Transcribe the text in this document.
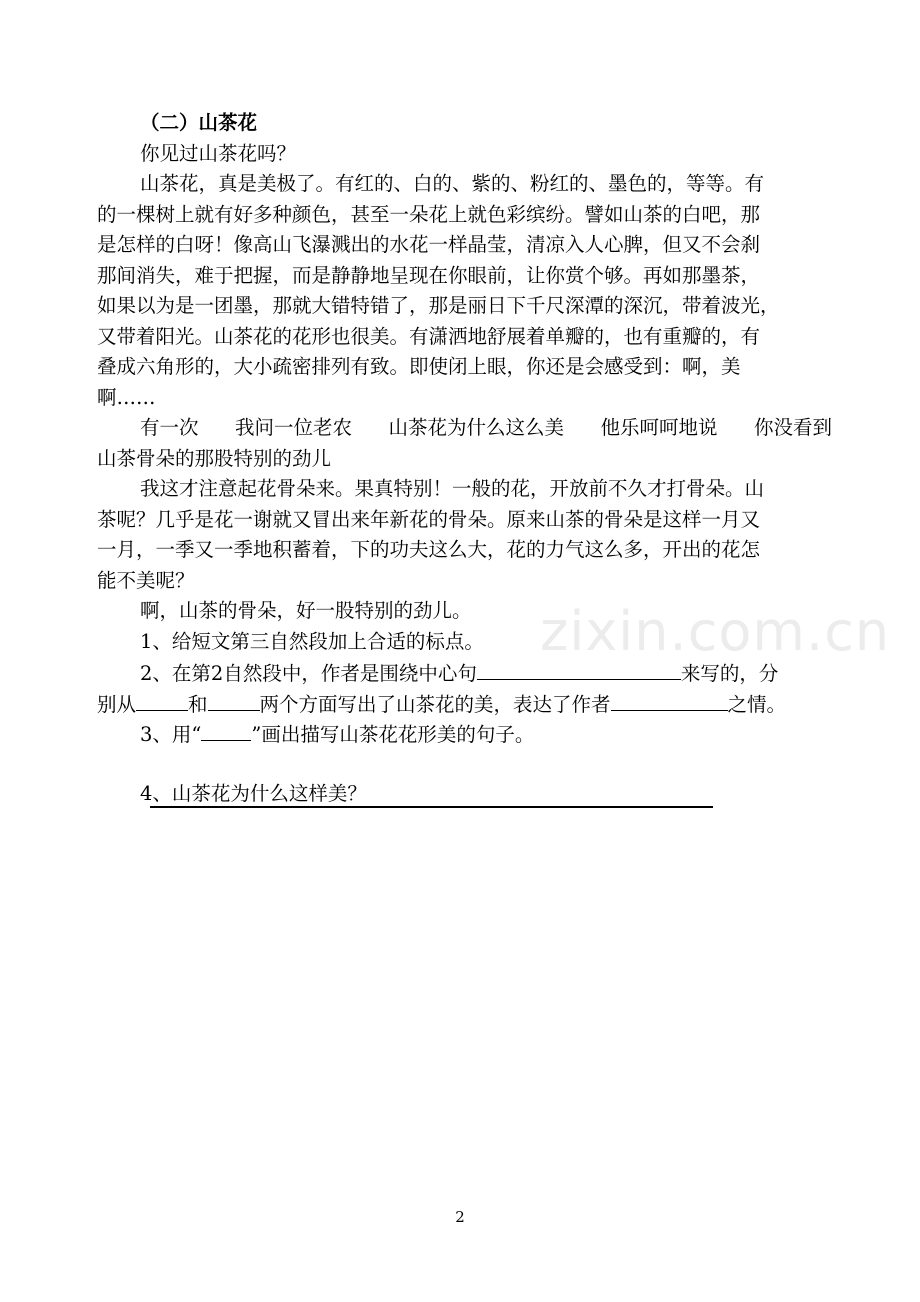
（二）山茶花
你见过山茶花吗？
山茶花，真是美极了。有红的、白的、紫的、粉红的、墨色的，等等。有
的一棵树上就有好多种颜色，甚至一朵花上就色彩缤纷。譬如山茶的白吧，那
是怎样的白呀！像高山飞瀑溅出的水花一样晶莹，清凉入人心脾，但又不会刹
那间消失，难于把握，而是静静地呈现在你眼前，让你赏个够。再如那墨茶，
如果以为是一团墨，那就大错特错了，那是丽日下千尺深潭的深沉，带着波光，
又带着阳光。山茶花的花形也很美。有潇洒地舒展着单瓣的，也有重瓣的，有
叠成六角形的，大小疏密排列有致。即使闭上眼，你还是会感受到：啊，美
啊……
有一次 我问一位老农 山茶花为什么这么美 他乐呵呵地说 你没看到
山茶骨朵的那股特别的劲儿
我这才注意起花骨朵来。果真特别！一般的花，开放前不久才打骨朵。山
茶呢？几乎是花一谢就又冒出来年新花的骨朵。原来山茶的骨朵是这样一月又
一月，一季又一季地积蓄着，下的功夫这么大，花的力气这么多，开出的花怎
能不美呢？
啊，山茶的骨朵，好一股特别的劲儿。
1、给短文第三自然段加上合适的标点。
2、在第2自然段中，作者是围绕中心句	来写的，分
别从	和	两个方面写出了山茶花的美，表达了作者	之情。
3、用“	”画出描写山茶花花形美的句子。
4、山茶花为什么这样美？
zixin.com.cn
2
